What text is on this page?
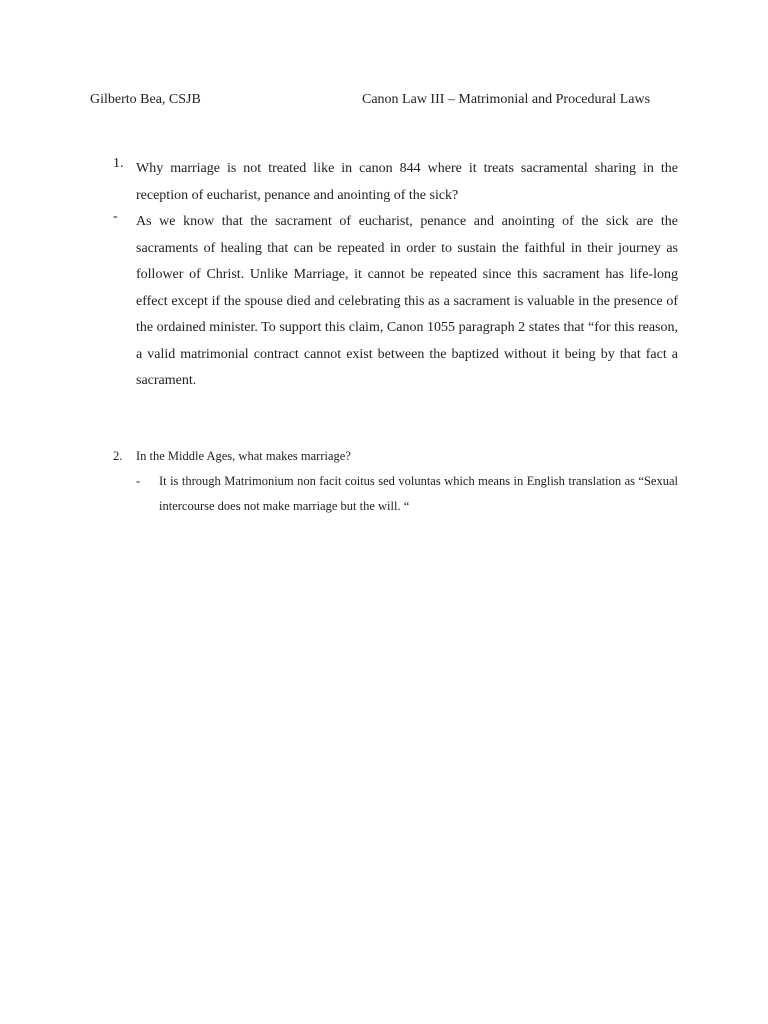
Gilberto Bea, CSJB	Canon Law III – Matrimonial and Procedural Laws
1. Why marriage is not treated like in canon 844 where it treats sacramental sharing in the reception of eucharist, penance and anointing of the sick?
- As we know that the sacrament of eucharist, penance and anointing of the sick are the sacraments of healing that can be repeated in order to sustain the faithful in their journey as follower of Christ. Unlike Marriage, it cannot be repeated since this sacrament has life-long effect except if the spouse died and celebrating this as a sacrament is valuable in the presence of the ordained minister. To support this claim, Canon 1055 paragraph 2 states that “for this reason, a valid matrimonial contract cannot exist between the baptized without it being by that fact a sacrament.
2. In the Middle Ages, what makes marriage?
- It is through Matrimonium non facit coitus sed voluntas which means in English translation as “Sexual intercourse does not make marriage but the will. “
